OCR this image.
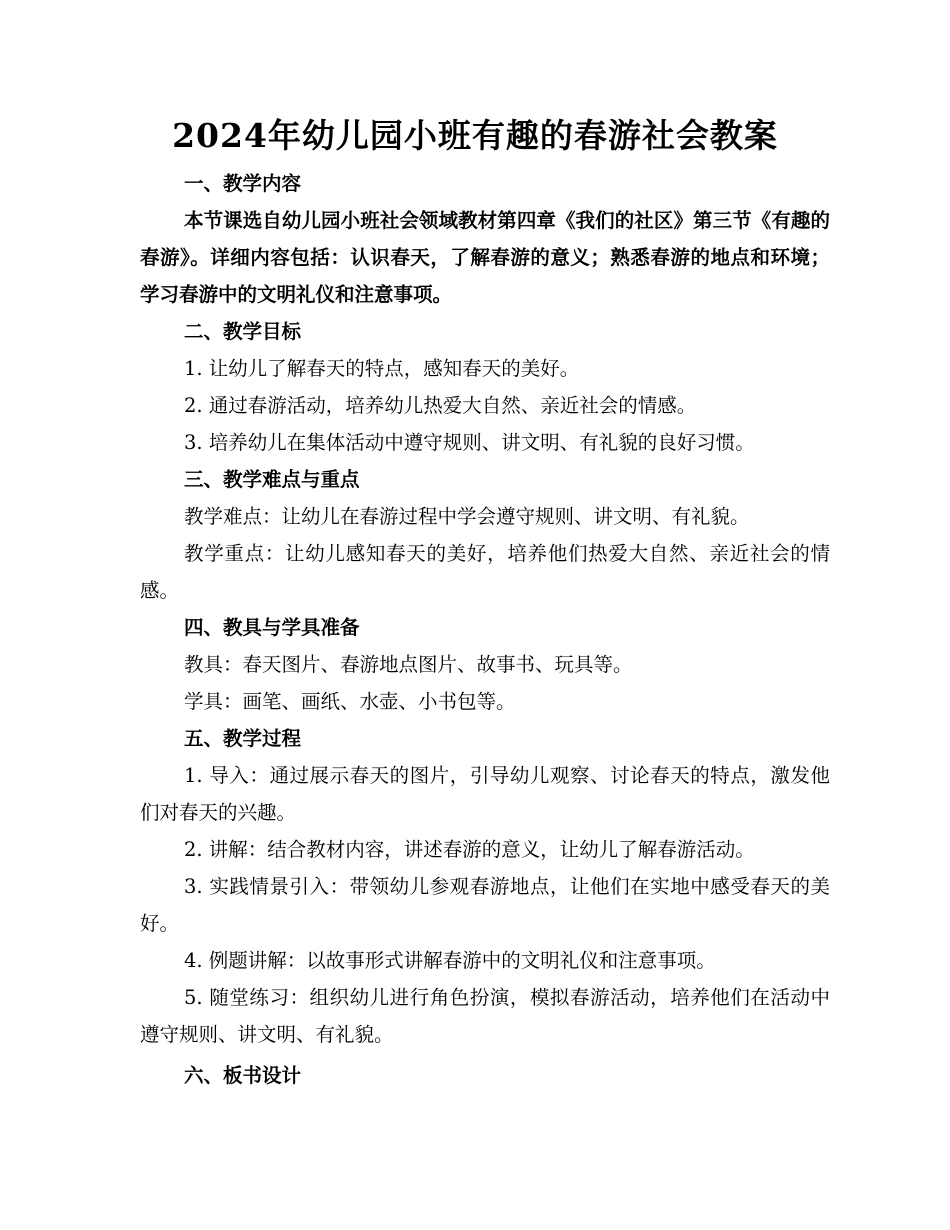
2024年幼儿园小班有趣的春游社会教案
一、教学内容
本节课选自幼儿园小班社会领域教材第四章《我们的社区》第三节《有趣的春游》。详细内容包括：认识春天，了解春游的意义；熟悉春游的地点和环境；学习春游中的文明礼仪和注意事项。
二、教学目标
1. 让幼儿了解春天的特点，感知春天的美好。
2. 通过春游活动，培养幼儿热爱大自然、亲近社会的情感。
3. 培养幼儿在集体活动中遵守规则、讲文明、有礼貌的良好习惯。
三、教学难点与重点
教学难点：让幼儿在春游过程中学会遵守规则、讲文明、有礼貌。
教学重点：让幼儿感知春天的美好，培养他们热爱大自然、亲近社会的情感。
四、教具与学具准备
教具：春天图片、春游地点图片、故事书、玩具等。
学具：画笔、画纸、水壶、小书包等。
五、教学过程
1. 导入：通过展示春天的图片，引导幼儿观察、讨论春天的特点，激发他们对春天的兴趣。
2. 讲解：结合教材内容，讲述春游的意义，让幼儿了解春游活动。
3. 实践情景引入：带领幼儿参观春游地点，让他们在实地中感受春天的美好。
4. 例题讲解：以故事形式讲解春游中的文明礼仪和注意事项。
5. 随堂练习：组织幼儿进行角色扮演，模拟春游活动，培养他们在活动中遵守规则、讲文明、有礼貌。
六、板书设计
